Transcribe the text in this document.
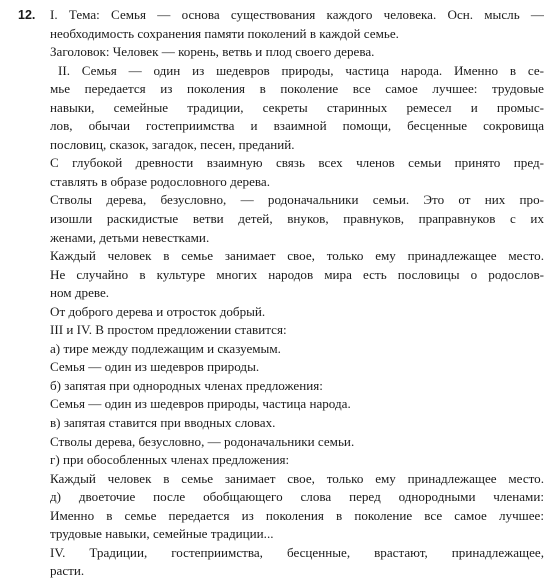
12. I. Тема: Семья — основа существования каждого человека. Осн. мысль —
необходимость сохранения памяти поколений в каждой семье.
Заголовок: Человек — корень, ветвь и плод своего дерева.
II. Семья — один из шедевров природы, частица народа. Именно в се-
мье передается из поколения в поколение все самое лучшее: трудовые
навыки, семейные традиции, секреты старинных ремесел и промыс-
лов, обычаи гостеприимства и взаимной помощи, бесценные сокровища
пословиц, сказок, загадок, песен, преданий.
С глубокой древности взаимную связь всех членов семьи принято пред-
ставлять в образе родословного дерева.
Стволы дерева, безусловно, — родоначальники семьи. Это от них про-
изошли раскидистые ветви детей, внуков, правнуков, праправнуков с их
женами, детьми невестками.
Каждый человек в семье занимает свое, только ему принадлежащее место.
Не случайно в культуре многих народов мира есть пословицы о родослов-
ном древе.
От доброго дерева и отросток добрый.
III и IV. В простом предложении ставится:
а) тире между подлежащим и сказуемым.
Семья — один из шедевров природы.
б) запятая при однородных членах предложения:
Семья — один из шедевров природы, частица народа.
в) запятая ставится при вводных словах.
Стволы дерева, безусловно, — родоначальники семьи.
г) при обособленных членах предложения:
Каждый человек в семье занимает свое, только ему принадлежащее место.
д) двоеточие после обобщающего слова перед однородными членами:
Именно в семье передается из поколения в поколение все самое лучшее:
трудовые навыки, семейные традиции...
IV. Традиции, гостеприимства, бесценные, врастают, принадлежащее,
расти.
